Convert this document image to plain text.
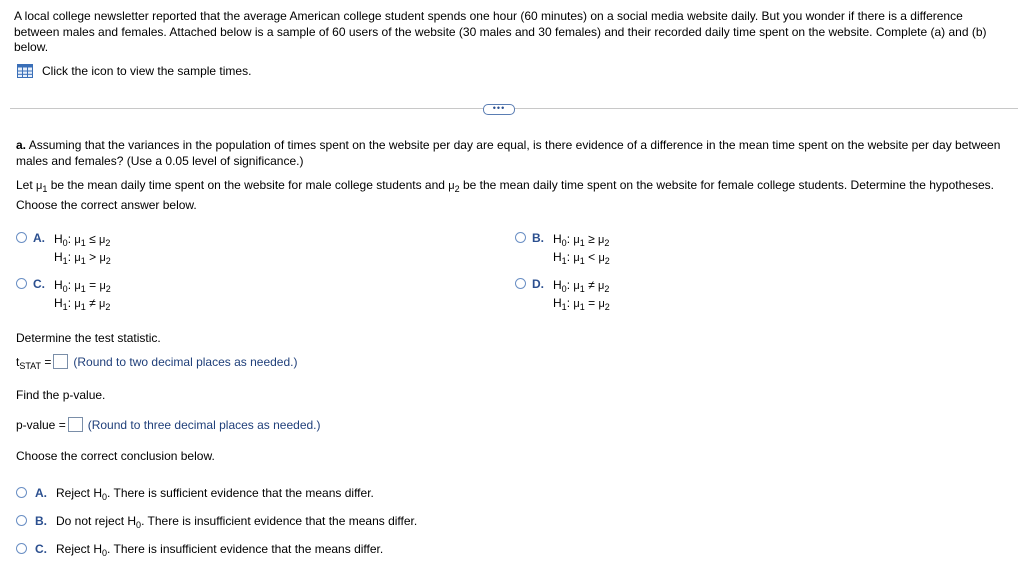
A local college newsletter reported that the average American college student spends one hour (60 minutes) on a social media website daily. But you wonder if there is a difference between males and females. Attached below is a sample of 60 users of the website (30 males and 30 females) and their recorded daily time spent on the website. Complete (a) and (b) below.
Click the icon to view the sample times.
•••
a. Assuming that the variances in the population of times spent on the website per day are equal, is there evidence of a difference in the mean time spent on the website per day between males and females? (Use a 0.05 level of significance.)
Let $\mu_1$ be the mean daily time spent on the website for male college students and $\mu_2$ be the mean daily time spent on the website for female college students. Determine the hypotheses. Choose the correct answer below.
A. $H_0$: $\mu_1 \le \mu_2$
$H_1$: $\mu_1 > \mu_2$
B. $H_0$: $\mu_1 \ge \mu_2$
$H_1$: $\mu_1 < \mu_2$
C. $H_0$: $\mu_1 = \mu_2$
$H_1$: $\mu_1 \ne \mu_2$
D. $H_0$: $\mu_1 \ne \mu_2$
$H_1$: $\mu_1 = \mu_2$
Determine the test statistic.
$t_{STAT}$ = (Round to two decimal places as needed.)
Find the p-value.
p-value = (Round to three decimal places as needed.)
Choose the correct conclusion below.
A. Reject $H_0$. There is sufficient evidence that the means differ.
B. Do not reject $H_0$. There is insufficient evidence that the means differ.
C. Reject $H_0$. There is insufficient evidence that the means differ.
